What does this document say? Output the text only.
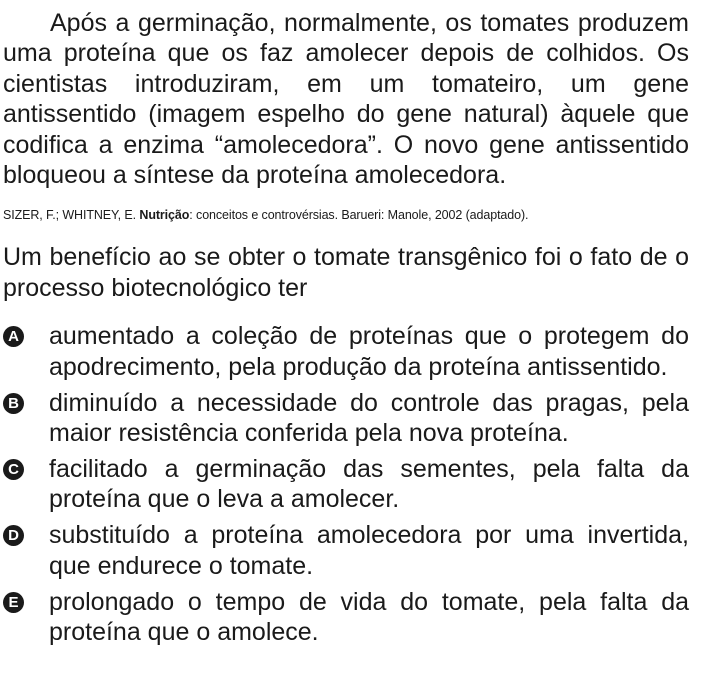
Após a germinação, normalmente, os tomates produzem uma proteína que os faz amolecer depois de colhidos. Os cientistas introduziram, em um tomateiro, um gene antissentido (imagem espelho do gene natural) àquele que codifica a enzima “amolecedora”. O novo gene antissentido bloqueou a síntese da proteína amolecedora.

SIZER, F.; WHITNEY, E. Nutrição: conceitos e controvérsias. Barueri: Manole, 2002 (adaptado).
Um benefício ao se obter o tomate transgênico foi o fato de o processo biotecnológico ter
A aumentado a coleção de proteínas que o protegem do apodrecimento, pela produção da proteína antissentido.
B diminuído a necessidade do controle das pragas, pela maior resistência conferida pela nova proteína.
C facilitado a germinação das sementes, pela falta da proteína que o leva a amolecer.
D substituído a proteína amolecedora por uma invertida, que endurece o tomate.
E prolongado o tempo de vida do tomate, pela falta da proteína que o amolece.
